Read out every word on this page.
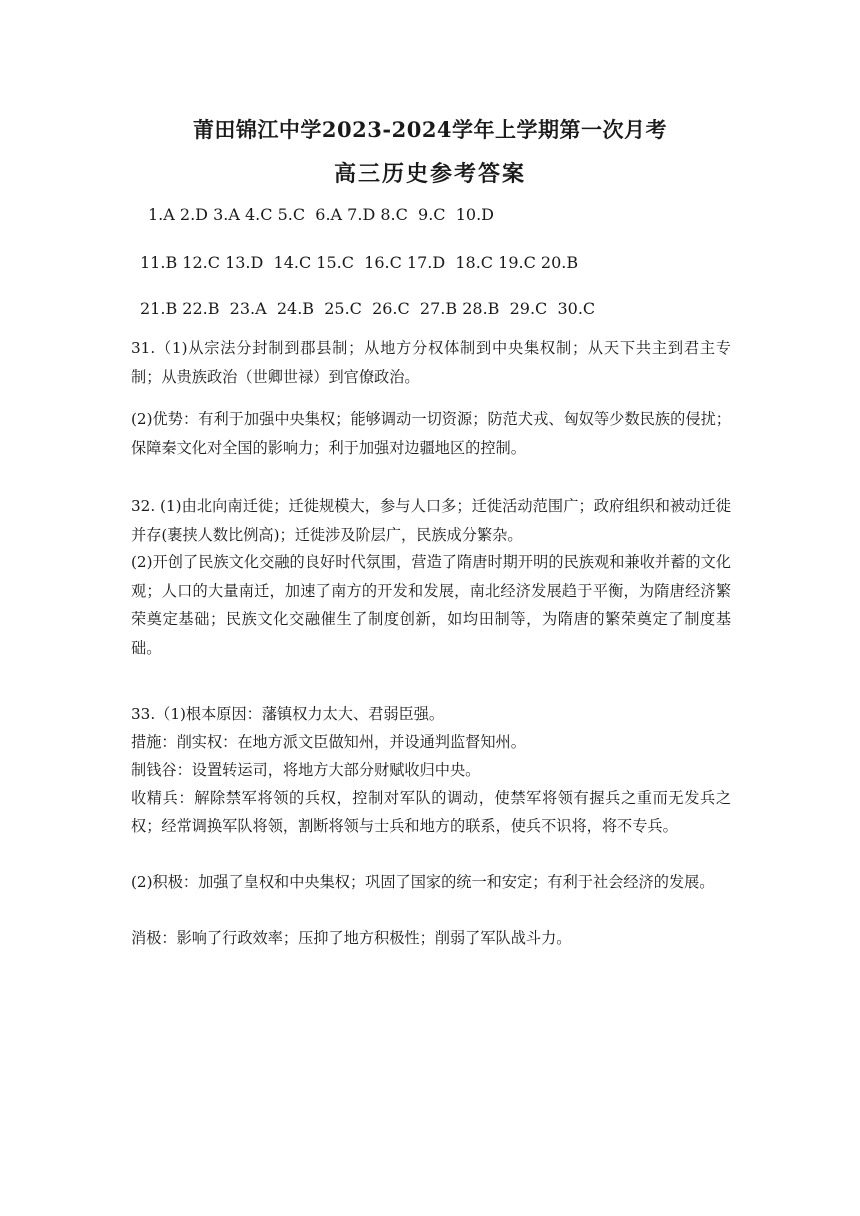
莆田锦江中学2023-2024学年上学期第一次月考
高三历史参考答案
1.A 2.D 3.A 4.C 5.C  6.A 7.D 8.C  9.C  10.D
11.B 12.C 13.D  14.C 15.C  16.C 17.D  18.C 19.C 20.B
21.B 22.B  23.A  24.B  25.C  26.C  27.B 28.B  29.C  30.C

31.（1)从宗法分封制到郡县制；从地方分权体制到中央集权制；从天下共主到君主专制；从贵族政治（世卿世禄）到官僚政治。

(2)优势：有利于加强中央集权；能够调动一切资源；防范犬戎、匈奴等少数民族的侵扰；保障秦文化对全国的影响力；利于加强对边疆地区的控制。

32. (1)由北向南迁徙；迁徙规模大，参与人口多；迁徙活动范围广；政府组织和被动迁徙并存(裹挟人数比例高)；迁徙涉及阶层广，民族成分繁杂。

(2)开创了民族文化交融的良好时代氛围，营造了隋唐时期开明的民族观和兼收并蓄的文化观；人口的大量南迁，加速了南方的开发和发展，南北经济发展趋于平衡，为隋唐经济繁荣奠定基础；民族文化交融催生了制度创新，如均田制等，为隋唐的繁荣奠定了制度基础。

33.（1)根本原因：藩镇权力太大、君弱臣强。

措施：削实权：在地方派文臣做知州，并设通判监督知州。

制钱谷：设置转运司，将地方大部分财赋收归中央。

收精兵：解除禁军将领的兵权，控制对军队的调动，使禁军将领有握兵之重而无发兵之权；经常调换军队将领，割断将领与士兵和地方的联系，使兵不识将，将不专兵。

(2)积极：加强了皇权和中央集权；巩固了国家的统一和安定；有利于社会经济的发展。

消极：影响了行政效率；压抑了地方积极性；削弱了军队战斗力。
